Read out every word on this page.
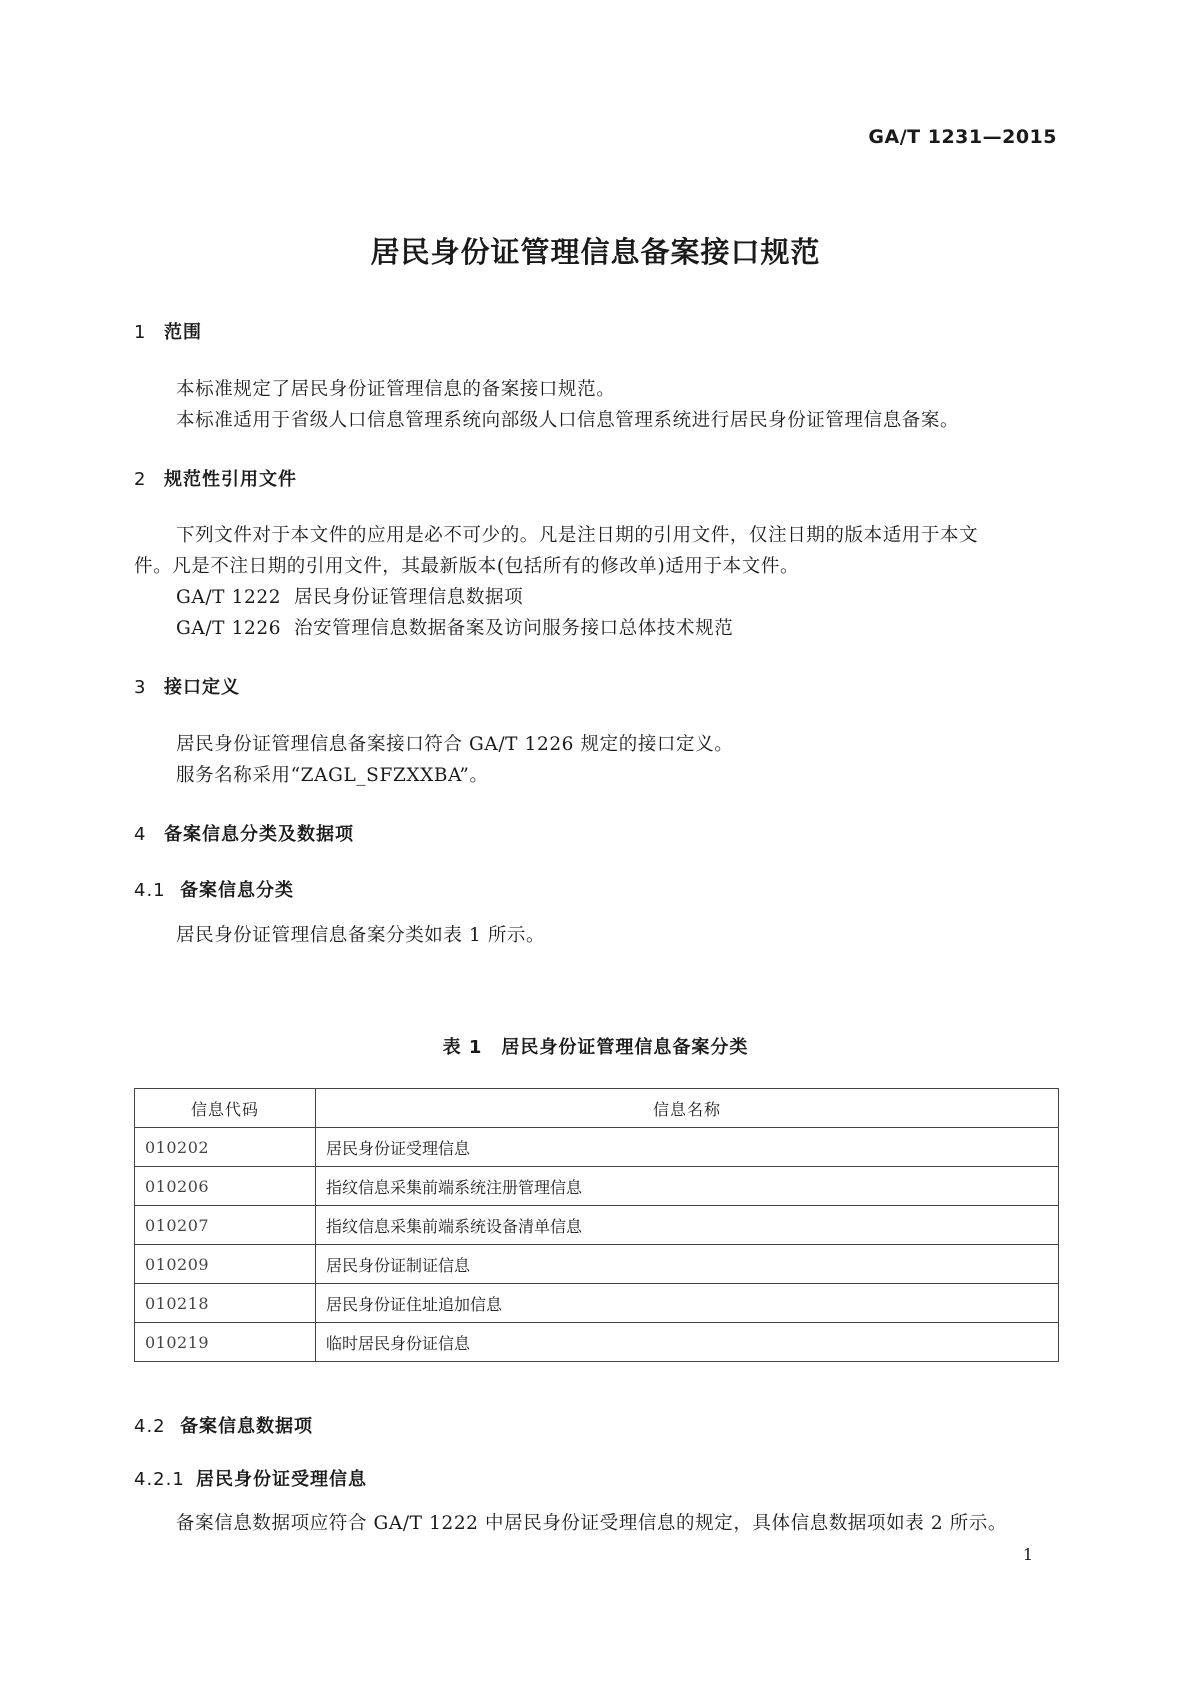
GA/T 1231—2015
居民身份证管理信息备案接口规范
1 范围
本标准规定了居民身份证管理信息的备案接口规范。
本标准适用于省级人口信息管理系统向部级人口信息管理系统进行居民身份证管理信息备案。
2 规范性引用文件
下列文件对于本文件的应用是必不可少的。凡是注日期的引用文件，仅注日期的版本适用于本文
件。凡是不注日期的引用文件，其最新版本(包括所有的修改单)适用于本文件。
GA/T 1222 居民身份证管理信息数据项
GA/T 1226 治安管理信息数据备案及访问服务接口总体技术规范
3 接口定义
居民身份证管理信息备案接口符合 GA/T 1226 规定的接口定义。
服务名称采用“ZAGL_SFZXXBA”。
4 备案信息分类及数据项
4.1 备案信息分类
居民身份证管理信息备案分类如表 1 所示。
表 1　居民身份证管理信息备案分类
信息代码	信息名称
010202	居民身份证受理信息
010206	指纹信息采集前端系统注册管理信息
010207	指纹信息采集前端系统设备清单信息
010209	居民身份证制证信息
010218	居民身份证住址追加信息
010219	临时居民身份证信息
4.2 备案信息数据项
4.2.1 居民身份证受理信息
备案信息数据项应符合 GA/T 1222 中居民身份证受理信息的规定，具体信息数据项如表 2 所示。
1
